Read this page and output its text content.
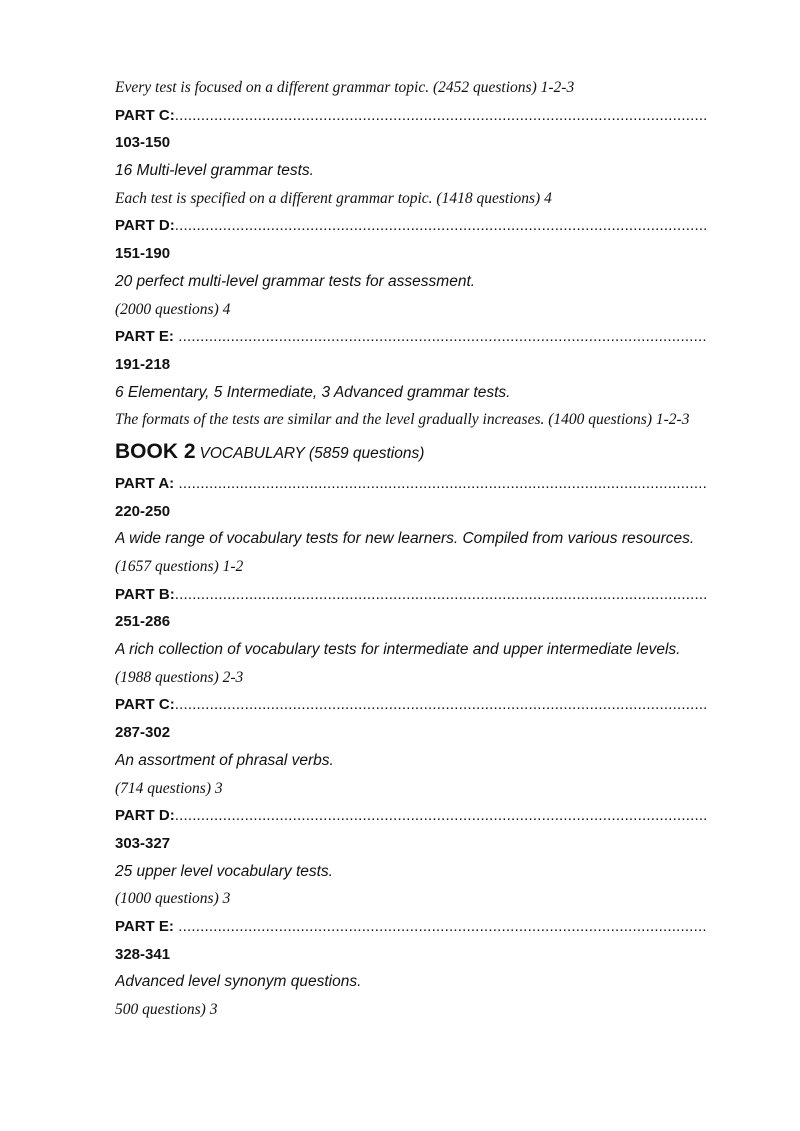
Every test is focused on a different grammar topic. (2452 questions) 1-2-3
PART C:..........................................................................................................................
103-150
16 Multi-level grammar tests.
Each test is specified on a different grammar topic. (1418 questions) 4
PART D:..........................................................................................................................
151-190
20 perfect multi-level grammar tests for assessment.
(2000 questions) 4
PART E: .........................................................................................................................
191-218
6 Elementary, 5 Intermediate, 3 Advanced grammar tests.
The formats of the tests are similar and the level gradually increases. (1400 questions) 1-2-3
BOOK 2 VOCABULARY (5859 questions)
PART A: .........................................................................................................................
220-250
A wide range of vocabulary tests for new learners. Compiled from various resources.
(1657 questions) 1-2
PART B:..........................................................................................................................
251-286
A rich collection of vocabulary tests for intermediate and upper intermediate levels.
(1988 questions) 2-3
PART C:..........................................................................................................................
287-302
An assortment of phrasal verbs.
(714 questions) 3
PART D:..........................................................................................................................
303-327
25 upper level vocabulary tests.
(1000 questions) 3
PART E: .........................................................................................................................
328-341
Advanced level synonym questions.
500 questions) 3
